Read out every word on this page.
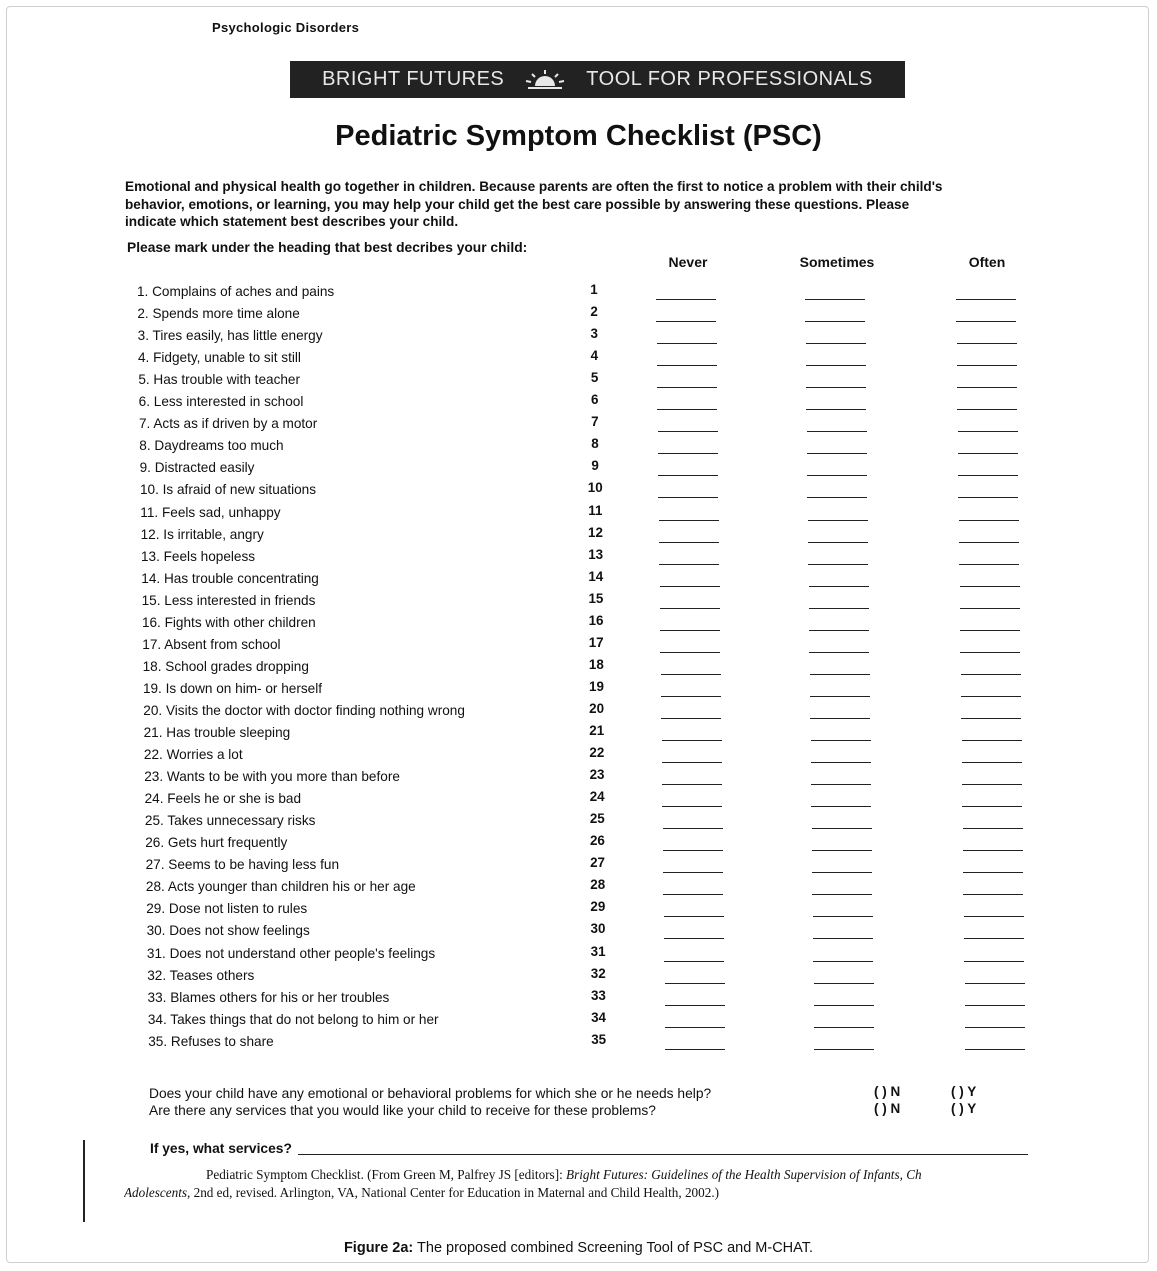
Psychologic Disorders
BRIGHT FUTURES	TOOL FOR PROFESSIONALS
Pediatric Symptom Checklist (PSC)
Emotional and physical health go together in children. Because parents are often the first to notice a problem with their child's behavior, emotions, or learning, you may help your child get the best care possible by answering these questions. Please indicate which statement best describes your child.
Please mark under the heading that best decribes your child:
Never	Sometimes	Often
1. Complains of aches and pains	1
2. Spends more time alone	2
3. Tires easily, has little energy	3
4. Fidgety, unable to sit still	4
5. Has trouble with teacher	5
6. Less interested in school	6
7. Acts as if driven by a motor	7
8. Daydreams too much	8
9. Distracted easily	9
10. Is afraid of new situations	10
11. Feels sad, unhappy	11
12. Is irritable, angry	12
13. Feels hopeless	13
14. Has trouble concentrating	14
15. Less interested in friends	15
16. Fights with other children	16
17. Absent from school	17
18. School grades dropping	18
19. Is down on him- or herself	19
20. Visits the doctor with doctor finding nothing wrong	20
21. Has trouble sleeping	21
22. Worries a lot	22
23. Wants to be with you more than before	23
24. Feels he or she is bad	24
25. Takes unnecessary risks	25
26. Gets hurt frequently	26
27. Seems to be having less fun	27
28. Acts younger than children his or her age	28
29. Dose not listen to rules	29
30. Does not show feelings	30
31. Does not understand other people's feelings	31
32. Teases others	32
33. Blames others for his or her troubles	33
34. Takes things that do not belong to him or her	34
35. Refuses to share	35
Does your child have any emotional or behavioral problems for which she or he needs help?
Are there any services that you would like your child to receive for these problems?
( ) N	( ) Y
( ) N	( ) Y
If yes, what services?
Pediatric Symptom Checklist. (From Green M, Palfrey JS [editors]: Bright Futures: Guidelines of the Health Supervision of Infants, Ch
Adolescents, 2nd ed, revised. Arlington, VA, National Center for Education in Maternal and Child Health, 2002.)
Figure 2a: The proposed combined Screening Tool of PSC and M-CHAT.
